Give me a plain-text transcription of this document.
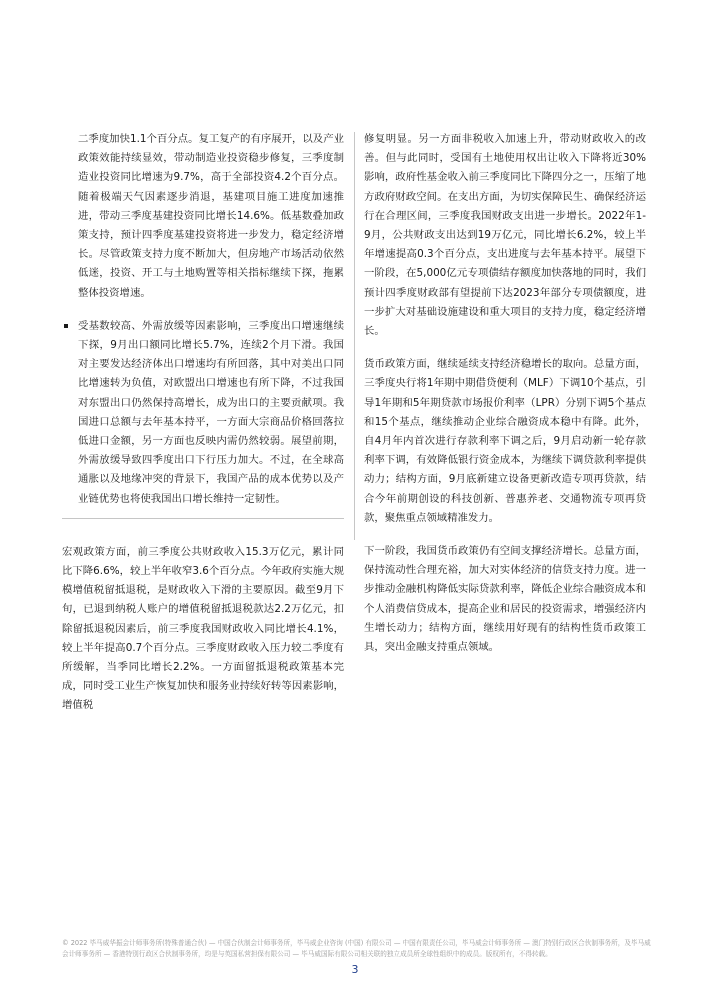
二季度加快1.1个百分点。复工复产的有序展开，以及产业政策效能持续显效，带动制造业投资稳步修复，三季度制造业投资同比增速为9.7%，高于全部投资4.2个百分点。随着极端天气因素逐步消退，基建项目施工进度加速推进，带动三季度基建投资同比增长14.6%。低基数叠加政策支持，预计四季度基建投资将进一步发力，稳定经济增长。尽管政策支持力度不断加大，但房地产市场活动依然低迷，投资、开工与土地购置等相关指标继续下探，拖累整体投资增速。

受基数较高、外需放缓等因素影响，三季度出口增速继续下探，9月出口额同比增长5.7%，连续2个月下滑。我国对主要发达经济体出口增速均有所回落，其中对美出口同比增速转为负值，对欧盟出口增速也有所下降，不过我国对东盟出口仍然保持高增长，成为出口的主要贡献项。我国进口总额与去年基本持平，一方面大宗商品价格回落拉低进口金额，另一方面也反映内需仍然较弱。展望前期，外需放缓导致四季度出口下行压力加大。不过，在全球高通胀以及地缘冲突的背景下，我国产品的成本优势以及产业链优势也将使我国出口增长维持一定韧性。

宏观政策方面，前三季度公共财政收入15.3万亿元，累计同比下降6.6%，较上半年收窄3.6个百分点。今年政府实施大规模增值税留抵退税，是财政收入下滑的主要原因。截至9月下旬，已退到纳税人账户的增值税留抵退税款达2.2万亿元，扣除留抵退税因素后，前三季度我国财政收入同比增长4.1%，较上半年提高0.7个百分点。三季度财政收入压力较二季度有所缓解，当季同比增长2.2%。一方面留抵退税政策基本完成，同时受工业生产恢复加快和服务业持续好转等因素影响，增值税

修复明显。另一方面非税收入加速上升，带动财政收入的改善。但与此同时，受国有土地使用权出让收入下降将近30%影响，政府性基金收入前三季度同比下降四分之一，压缩了地方政府财政空间。在支出方面，为切实保障民生、确保经济运行在合理区间，三季度我国财政支出进一步增长。2022年1-9月，公共财政支出达到19万亿元，同比增长6.2%，较上半年增速提高0.3个百分点，支出进度与去年基本持平。展望下一阶段，在5,000亿元专项债结存额度加快落地的同时，我们预计四季度财政部有望提前下达2023年部分专项债额度，进一步扩大对基础设施建设和重大项目的支持力度，稳定经济增长。

货币政策方面，继续延续支持经济稳增长的取向。总量方面，三季度央行将1年期中期借贷便利（MLF）下调10个基点，引导1年期和5年期贷款市场报价利率（LPR）分别下调5个基点和15个基点，继续推动企业综合融资成本稳中有降。此外，自4月年内首次进行存款利率下调之后，9月启动新一轮存款利率下调，有效降低银行资金成本，为继续下调贷款利率提供动力；结构方面，9月底新建立设备更新改造专项再贷款，结合今年前期创设的科技创新、普惠养老、交通物流专项再贷款，聚焦重点领域精准发力。

下一阶段，我国货币政策仍有空间支撑经济增长。总量方面，保持流动性合理充裕，加大对实体经济的信贷支持力度。进一步推动金融机构降低实际贷款利率，降低企业综合融资成本和个人消费信贷成本，提高企业和居民的投资需求，增强经济内生增长动力；结构方面，继续用好现有的结构性货币政策工具，突出金融支持重点领域。

© 2022 毕马威华振会计师事务所(特殊普通合伙) — 中国合伙制会计师事务所，毕马威企业咨询 (中国) 有限公司 — 中国有限责任公司，毕马威会计师事务所 — 澳门特别行政区合伙制事务所，及毕马威会计师事务所 — 香港特别行政区合伙制事务所，均是与英国私营担保有限公司 — 毕马威国际有限公司相关联的独立成员所全球性组织中的成员。版权所有，不得转载。
3
